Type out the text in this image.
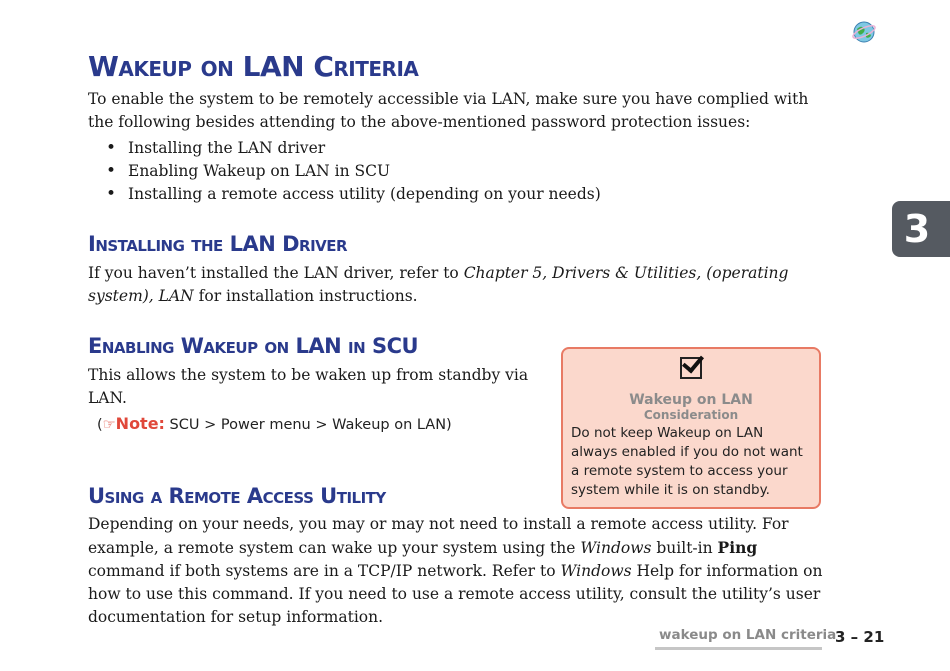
Wakeup on LAN Criteria

To enable the system to be remotely accessible via LAN, make sure you have complied with the following besides attending to the above-mentioned password protection issues:

• Installing the LAN driver
• Enabling Wakeup on LAN in SCU
• Installing a remote access utility (depending on your needs)
Installing the LAN Driver

If you haven’t installed the LAN driver, refer to Chapter 5, Drivers & Utilities, (operating system), LAN for installation instructions.

Enabling Wakeup on LAN in SCU

This allows the system to be waken up from standby via LAN.

(☞Note: SCU > Power menu > Wakeup on LAN)
Wakeup on LAN
Consideration
Do not keep Wakeup on LAN always enabled if you do not want a remote system to access your system while it is on standby.
Using a Remote Access Utility

Depending on your needs, you may or may not need to install a remote access utility. For example, a remote system can wake up your system using the Windows built-in Ping command if both systems are in a TCP/IP network. Refer to Windows Help for information on how to use this command. If you need to use a remote access utility, consult the utility’s user documentation for setup information.

3
wakeup on LAN criteria
3 – 21
